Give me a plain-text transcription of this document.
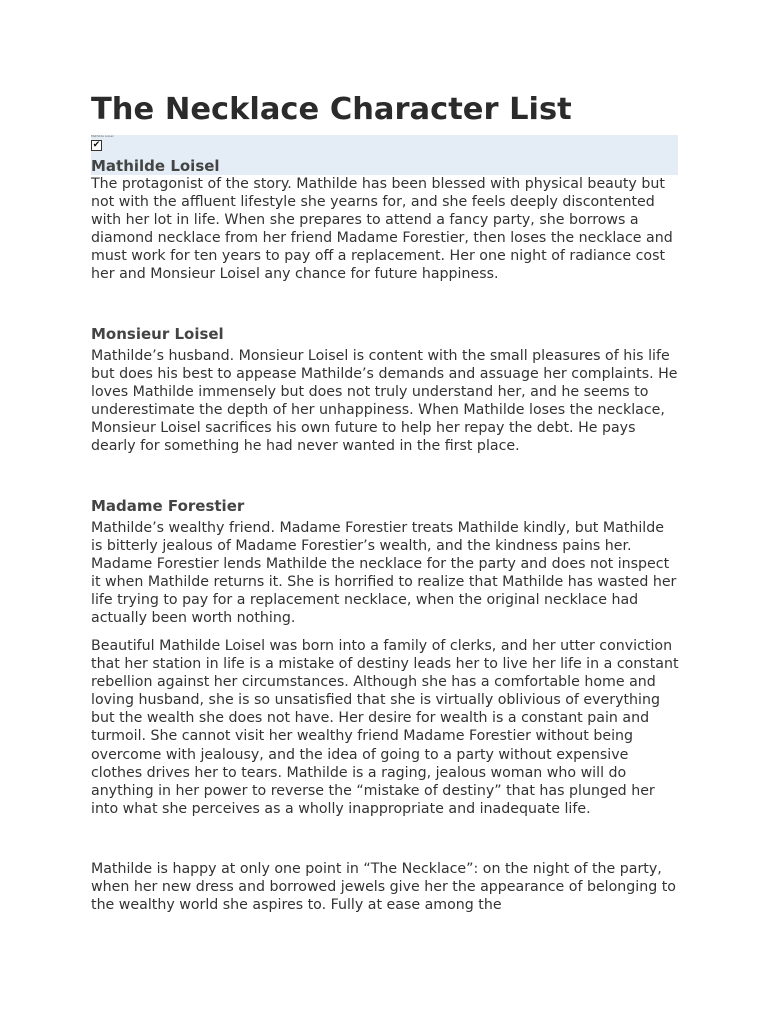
The Necklace Character List
Mathilde Loisel
✔
Mathilde Loisel

The protagonist of the story. Mathilde has been blessed with physical beauty but not with the affluent lifestyle she yearns for, and she feels deeply discontented with her lot in life. When she prepares to attend a fancy party, she borrows a diamond necklace from her friend Madame Forestier, then loses the necklace and must work for ten years to pay off a replacement. Her one night of radiance cost her and Monsieur Loisel any chance for future happiness.

Monsieur Loisel

Mathilde’s husband. Monsieur Loisel is content with the small pleasures of his life but does his best to appease Mathilde’s demands and assuage her complaints. He loves Mathilde immensely but does not truly understand her, and he seems to underestimate the depth of her unhappiness. When Mathilde loses the necklace, Monsieur Loisel sacrifices his own future to help her repay the debt. He pays dearly for something he had never wanted in the first place.

Madame Forestier

Mathilde’s wealthy friend. Madame Forestier treats Mathilde kindly, but Mathilde is bitterly jealous of Madame Forestier’s wealth, and the kindness pains her. Madame Forestier lends Mathilde the necklace for the party and does not inspect it when Mathilde returns it. She is horrified to realize that Mathilde has wasted her life trying to pay for a replacement necklace, when the original necklace had actually been worth nothing.

Beautiful Mathilde Loisel was born into a family of clerks, and her utter conviction that her station in life is a mistake of destiny leads her to live her life in a constant rebellion against her circumstances. Although she has a comfortable home and loving husband, she is so unsatisfied that she is virtually oblivious of everything but the wealth she does not have. Her desire for wealth is a constant pain and turmoil. She cannot visit her wealthy friend Madame Forestier without being overcome with jealousy, and the idea of going to a party without expensive clothes drives her to tears. Mathilde is a raging, jealous woman who will do anything in her power to reverse the “mistake of destiny” that has plunged her into what she perceives as a wholly inappropriate and inadequate life.

Mathilde is happy at only one point in “The Necklace”: on the night of the party, when her new dress and borrowed jewels give her the appearance of belonging to the wealthy world she aspires to. Fully at ease among the
